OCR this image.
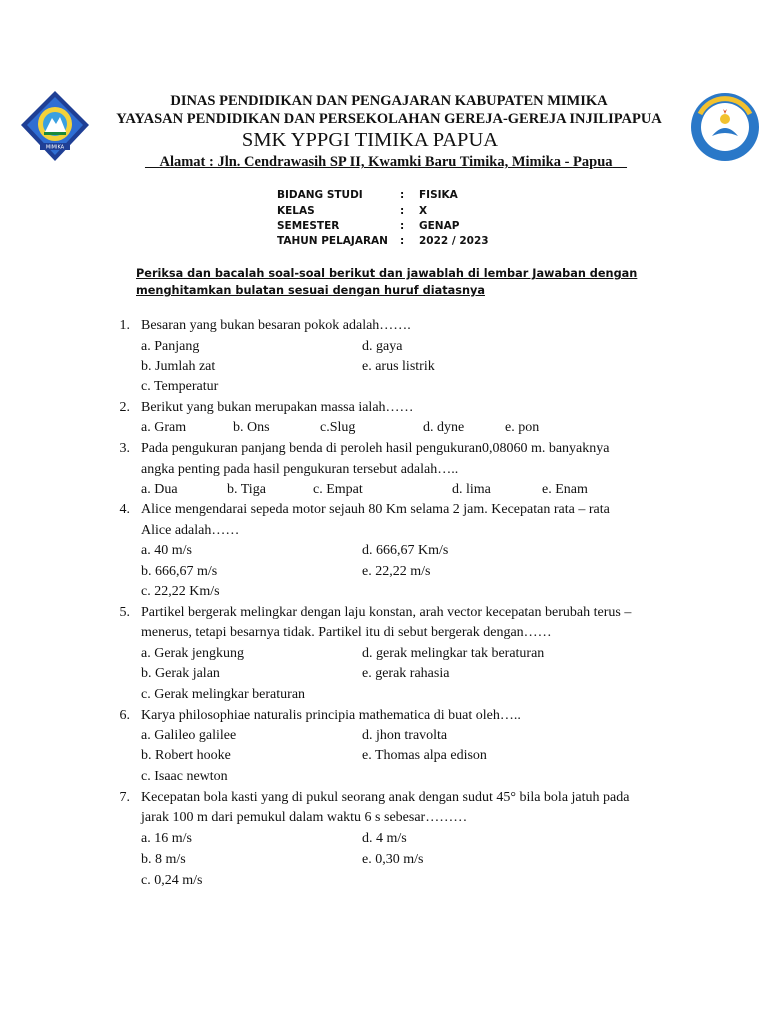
MIMIKA
DINAS PENDIDIKAN DAN PENGAJARAN KABUPATEN MIMIKA
YAYASAN PENDIDIKAN DAN PERSEKOLAHAN GEREJA-GEREJA INJILIPAPUA
SMK YPPGI TIMIKA PAPUA
Alamat : Jln. Cendrawasih SP II, Kwamki Baru Timika, Mimika - Papua
BIDANG STUDI	: FISIKA
KELAS	: X
SEMESTER	: GENAP
TAHUN PELAJARAN : 2022 / 2023
Periksa dan bacalah soal-soal berikut dan jawablah di lembar Jawaban dengan menghitamkan bulatan sesuai dengan huruf diatasnya
1. Besaran yang bukan besaran pokok adalah…….
a. Panjang
b. Jumlah zat
c. Temperatur
d. gaya
e. arus listrik
2. Berikut yang bukan merupakan massa ialah……
a. Gram	b. Ons	c.Slug	d. dyne	e. pon
3. Pada pengukuran panjang benda di peroleh hasil pengukuran0,08060 m. banyaknya
angka penting pada hasil pengukuran tersebut adalah…..
a. Dua	b. Tiga	c. Empat	d. lima	e. Enam
4. Alice mengendarai sepeda motor sejauh 80 Km selama 2 jam. Kecepatan rata – rata
Alice adalah……
a. 40 m/s
b. 666,67 m/s
c. 22,22 Km/s
d. 666,67 Km/s
e. 22,22 m/s
5. Partikel bergerak melingkar dengan laju konstan, arah vector kecepatan berubah terus –
menerus, tetapi besarnya tidak. Partikel itu di sebut bergerak dengan……
a. Gerak jengkung
b. Gerak jalan
c. Gerak melingkar beraturan
d. gerak melingkar tak beraturan
e. gerak rahasia
6. Karya philosophiae naturalis principia mathematica di buat oleh…..
a. Galileo galilee
b. Robert hooke
c. Isaac newton
d. jhon travolta
e. Thomas alpa edison
7. Kecepatan bola kasti yang di pukul seorang anak dengan sudut 45° bila bola jatuh pada
jarak 100 m dari pemukul dalam waktu 6 s sebesar………
a. 16 m/s
b. 8 m/s
c. 0,24 m/s
d. 4 m/s
e. 0,30 m/s
